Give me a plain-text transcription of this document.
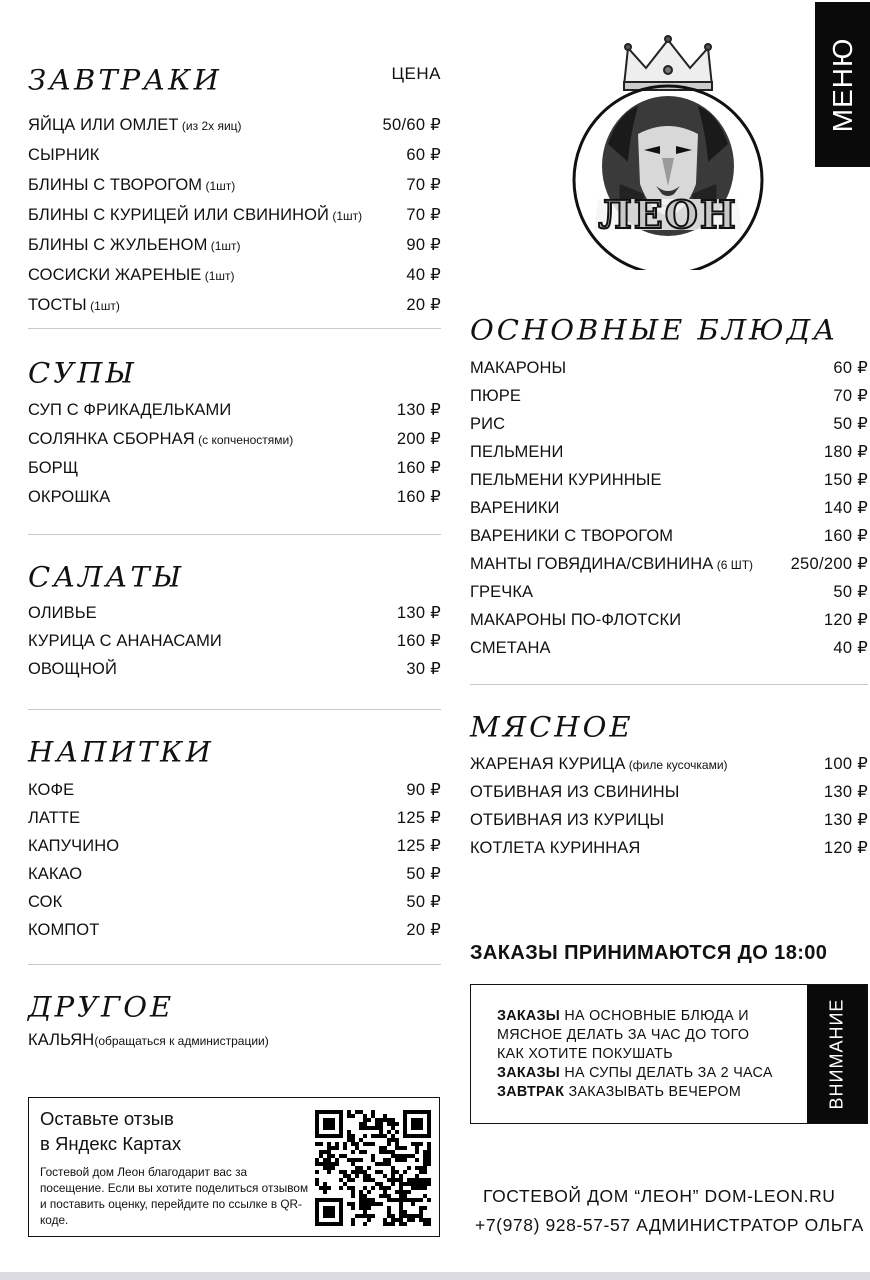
ЗАВТРАКИ	ЦЕНА
ЯЙЦА ИЛИ ОМЛЕТ (из 2х яиц)	50/60 ₽
СЫРНИК	60 ₽
БЛИНЫ С ТВОРОГОМ (1шт)	70 ₽
БЛИНЫ С КУРИЦЕЙ ИЛИ СВИНИНОЙ (1шт)	70 ₽
БЛИНЫ С ЖУЛЬЕНОМ (1шт)	90 ₽
СОСИСКИ ЖАРЕНЫЕ (1шт)	40 ₽
ТОСТЫ (1шт)	20 ₽
СУПЫ
СУП С ФРИКАДЕЛЬКАМИ	130 ₽
СОЛЯНКА СБОРНАЯ (с копченостями)	200 ₽
БОРЩ	160 ₽
ОКРОШКА	160 ₽
САЛАТЫ
ОЛИВЬЕ	130 ₽
КУРИЦА С АНАНАСАМИ	160 ₽
ОВОЩНОЙ	30 ₽
НАПИТКИ
КОФЕ	90 ₽
ЛАТТЕ	125 ₽
КАПУЧИНО	125 ₽
КАКАО	50 ₽
СОК	50 ₽
КОМПОТ	20 ₽
ДРУГОЕ
КАЛЬЯН(обращаться к администрации)
МЕНЮ
ЛЕОН
ОСНОВНЫЕ БЛЮДА
МАКАРОНЫ	60 ₽
ПЮРЕ	70 ₽
РИС	50 ₽
ПЕЛЬМЕНИ	180 ₽
ПЕЛЬМЕНИ КУРИННЫЕ	150 ₽
ВАРЕНИКИ	140 ₽
ВАРЕНИКИ С ТВОРОГОМ	160 ₽
МАНТЫ ГОВЯДИНА/СВИНИНА (6 ШТ) 250/200 ₽
ГРЕЧКА	50 ₽
МАКАРОНЫ ПО-ФЛОТСКИ	120 ₽
СМЕТАНА	40 ₽
МЯСНОЕ
ЖАРЕНАЯ КУРИЦА (филе кусочками)	100 ₽
ОТБИВНАЯ ИЗ СВИНИНЫ	130 ₽
ОТБИВНАЯ ИЗ КУРИЦЫ	130 ₽
КОТЛЕТА КУРИННАЯ	120 ₽
ЗАКАЗЫ ПРИНИМАЮТСЯ ДО 18:00
ЗАКАЗЫ НА ОСНОВНЫЕ БЛЮДА И
МЯСНОЕ ДЕЛАТЬ ЗА ЧАС ДО ТОГО
КАК ХОТИТЕ ПОКУШАТЬ
ЗАКАЗЫ НА СУПЫ ДЕЛАТЬ ЗА 2 ЧАСА
ЗАВТРАК ЗАКАЗЫВАТЬ ВЕЧЕРОМ	ВНИМАНИЕ
Оставьте отзыв
в Яндекс Картах
Гостевой дом Леон благодарит вас за посещение. Если вы хотите поделиться отзывом и поставить оценку, перейдите по ссылке в QR-коде.
ГОСТЕВОЙ ДОМ “ЛЕОН” DOM-LEON.RU
+7(978) 928-57-57 АДМИНИСТРАТОР ОЛЬГА
